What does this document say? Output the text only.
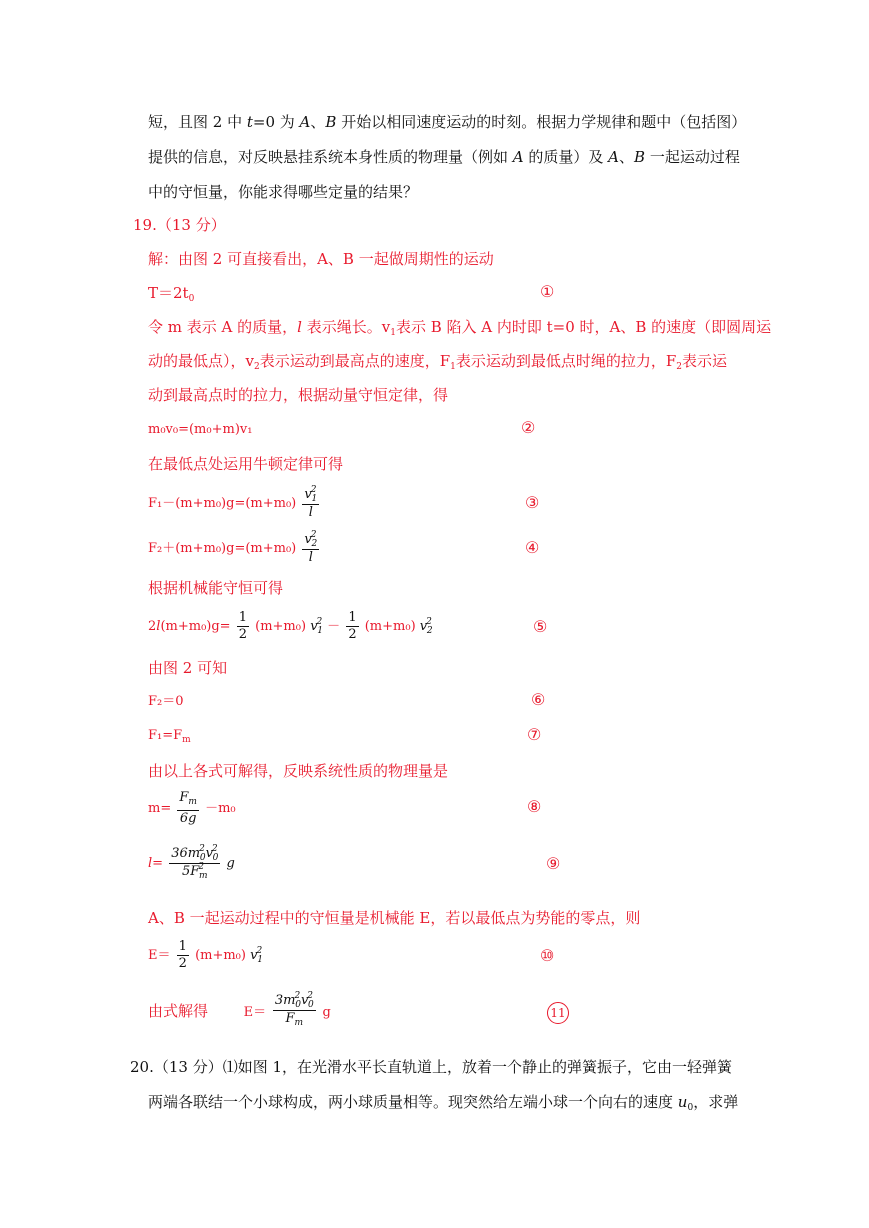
短，且图 2 中 t=0 为 A、B 开始以相同速度运动的时刻。根据力学规律和题中（包括图）
提供的信息，对反映悬挂系统本身性质的物理量（例如 A 的质量）及 A、B 一起运动过程
中的守恒量，你能求得哪些定量的结果？
19.（13 分）
解：由图 2 可直接看出，A、B 一起做周期性的运动
$T=2t_0$	①
令 m 表示 A 的质量，l 表示绳长。$v_1$表示 B 陷入 A 内时即 t=0 时，A、B 的速度（即圆周运
动的最低点），$v_2$表示运动到最高点的速度，$F_1$表示运动到最低点时绳的拉力，$F_2$表示运
动到最高点时的拉力，根据动量守恒定律，得
m₀v₀=(m₀+m)v₁	②
在最低点处运用牛顿定律可得
$F_1-(m+m_0)g=(m+m_0) \frac{v^2_1}{l}$	③
$F_2+(m+m_0)g=(m+m_0) \frac{v^2_2}{l}$	④
根据机械能守恒可得
$2l(m+m_0)g= \frac{1}{2} (m+m_0) v^2_1 - \frac{1}{2} (m+m_0)$ $v^2_2$	⑤
由图 2 可知
F₂＝0	⑥
$F_1=F_m$	⑦
由以上各式可解得，反映系统性质的物理量是
$m= \frac{F_m}{6g} -m_0$	⑧
$l= \frac{36m^2_0v^2_0}{5F^2_m}$ g	⑨
A、B 一起运动过程中的守恒量是机械能 E，若以最低点为势能的零点，则
$E= \frac{1}{2} (m+m_0)$ $v^2_1$	⑩
由式解得	$E= \frac{3m^2_0v^2_0}{F_m}$ g	11
20.（13 分）⑴如图 1，在光滑水平长直轨道上，放着一个静止的弹簧振子，它由一轻弹簧
两端各联结一个小球构成，两小球质量相等。现突然给左端小球一个向右的速度 $u_0$，求弹
